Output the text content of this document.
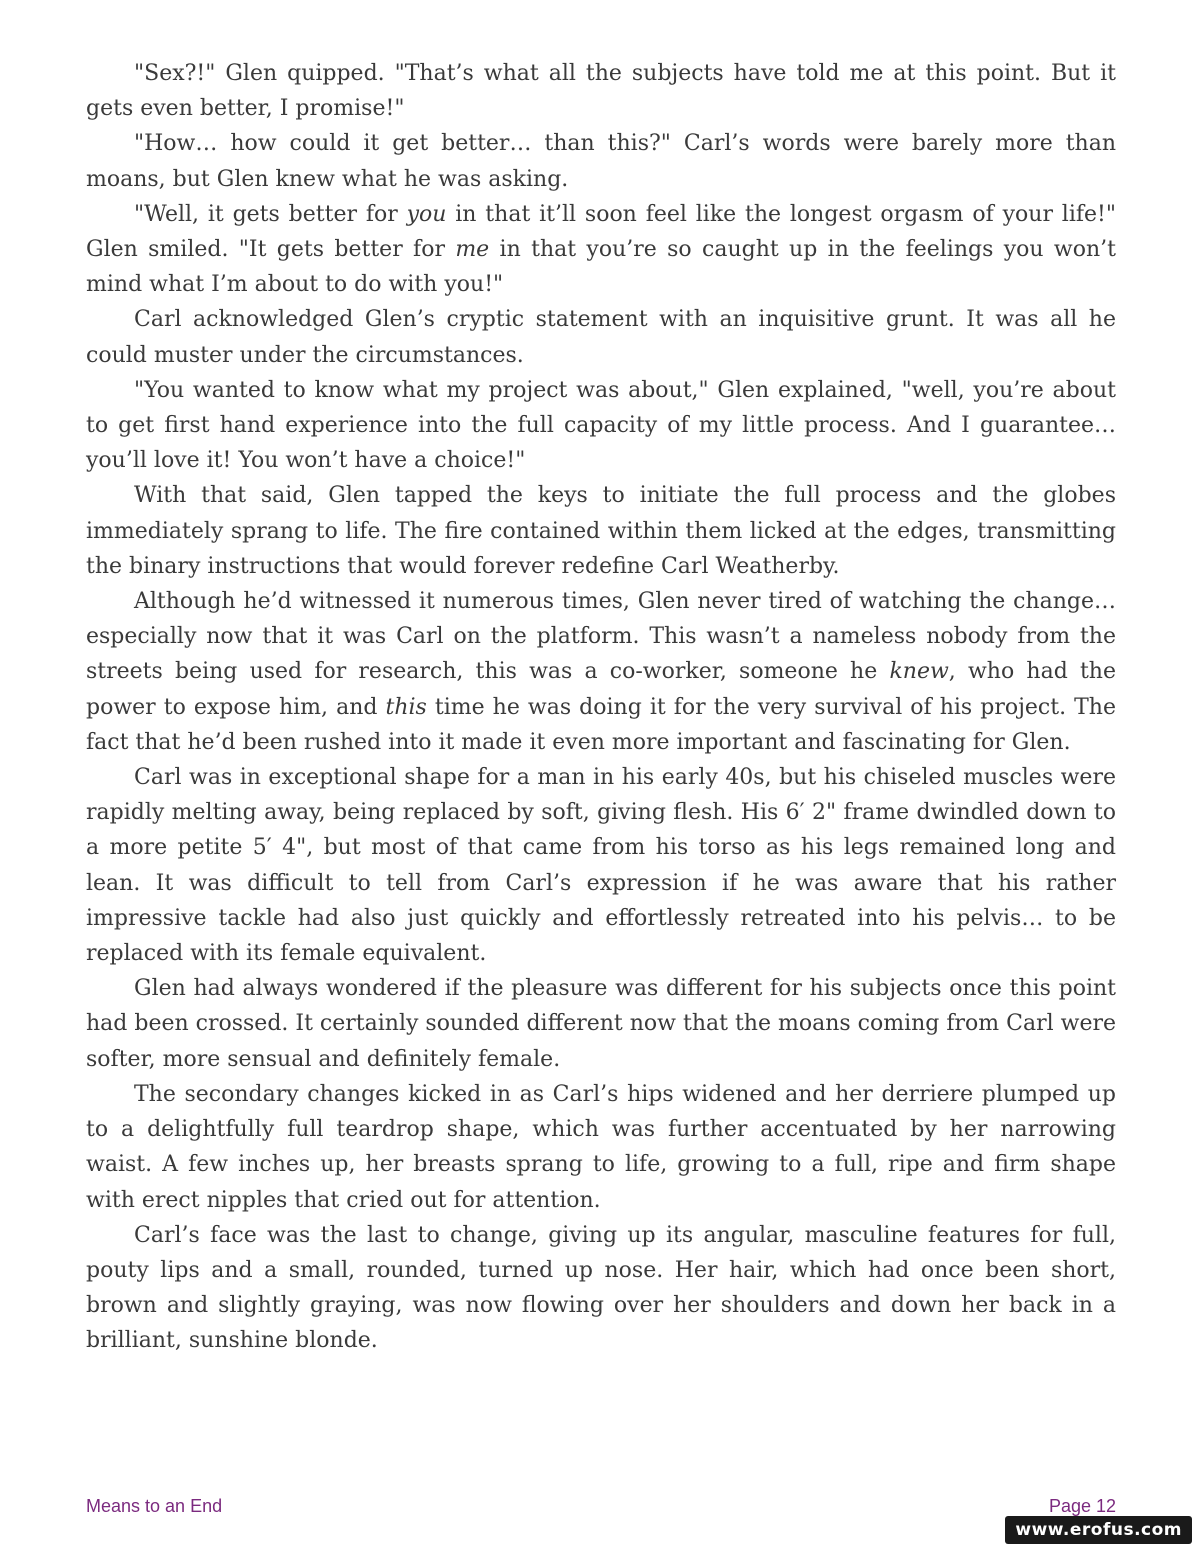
"Sex?!" Glen quipped. "That’s what all the subjects have told me at this point. But it gets even better, I promise!"

"How… how could it get better… than this?" Carl’s words were barely more than moans, but Glen knew what he was asking.

"Well, it gets better for you in that it’ll soon feel like the longest orgasm of your life!" Glen smiled. "It gets better for me in that you’re so caught up in the feelings you won’t mind what I’m about to do with you!"

Carl acknowledged Glen’s cryptic statement with an inquisitive grunt. It was all he could muster under the circumstances.

"You wanted to know what my project was about," Glen explained, "well, you’re about to get first hand experience into the full capacity of my little process. And I guarantee… you’ll love it! You won’t have a choice!"

With that said, Glen tapped the keys to initiate the full process and the globes immediately sprang to life. The fire contained within them licked at the edges, transmitting the binary instructions that would forever redefine Carl Weatherby.

Although he’d witnessed it numerous times, Glen never tired of watching the change… especially now that it was Carl on the platform. This wasn’t a nameless nobody from the streets being used for research, this was a co-worker, someone he knew, who had the power to expose him, and this time he was doing it for the very survival of his project. The fact that he’d been rushed into it made it even more important and fascinating for Glen.

Carl was in exceptional shape for a man in his early 40s, but his chiseled muscles were rapidly melting away, being replaced by soft, giving flesh. His 6′ 2" frame dwindled down to a more petite 5′ 4", but most of that came from his torso as his legs remained long and lean. It was difficult to tell from Carl’s expression if he was aware that his rather impressive tackle had also just quickly and effortlessly retreated into his pelvis… to be replaced with its female equivalent.

Glen had always wondered if the pleasure was different for his subjects once this point had been crossed. It certainly sounded different now that the moans coming from Carl were softer, more sensual and definitely female.

The secondary changes kicked in as Carl’s hips widened and her derriere plumped up to a delightfully full teardrop shape, which was further accentuated by her narrowing waist. A few inches up, her breasts sprang to life, growing to a full, ripe and firm shape with erect nipples that cried out for attention.

Carl’s face was the last to change, giving up its angular, masculine features for full, pouty lips and a small, rounded, turned up nose. Her hair, which had once been short, brown and slightly graying, was now flowing over her shoulders and down her back in a brilliant, sunshine blonde.

Means to an End	Page 12
www.erofus.com
